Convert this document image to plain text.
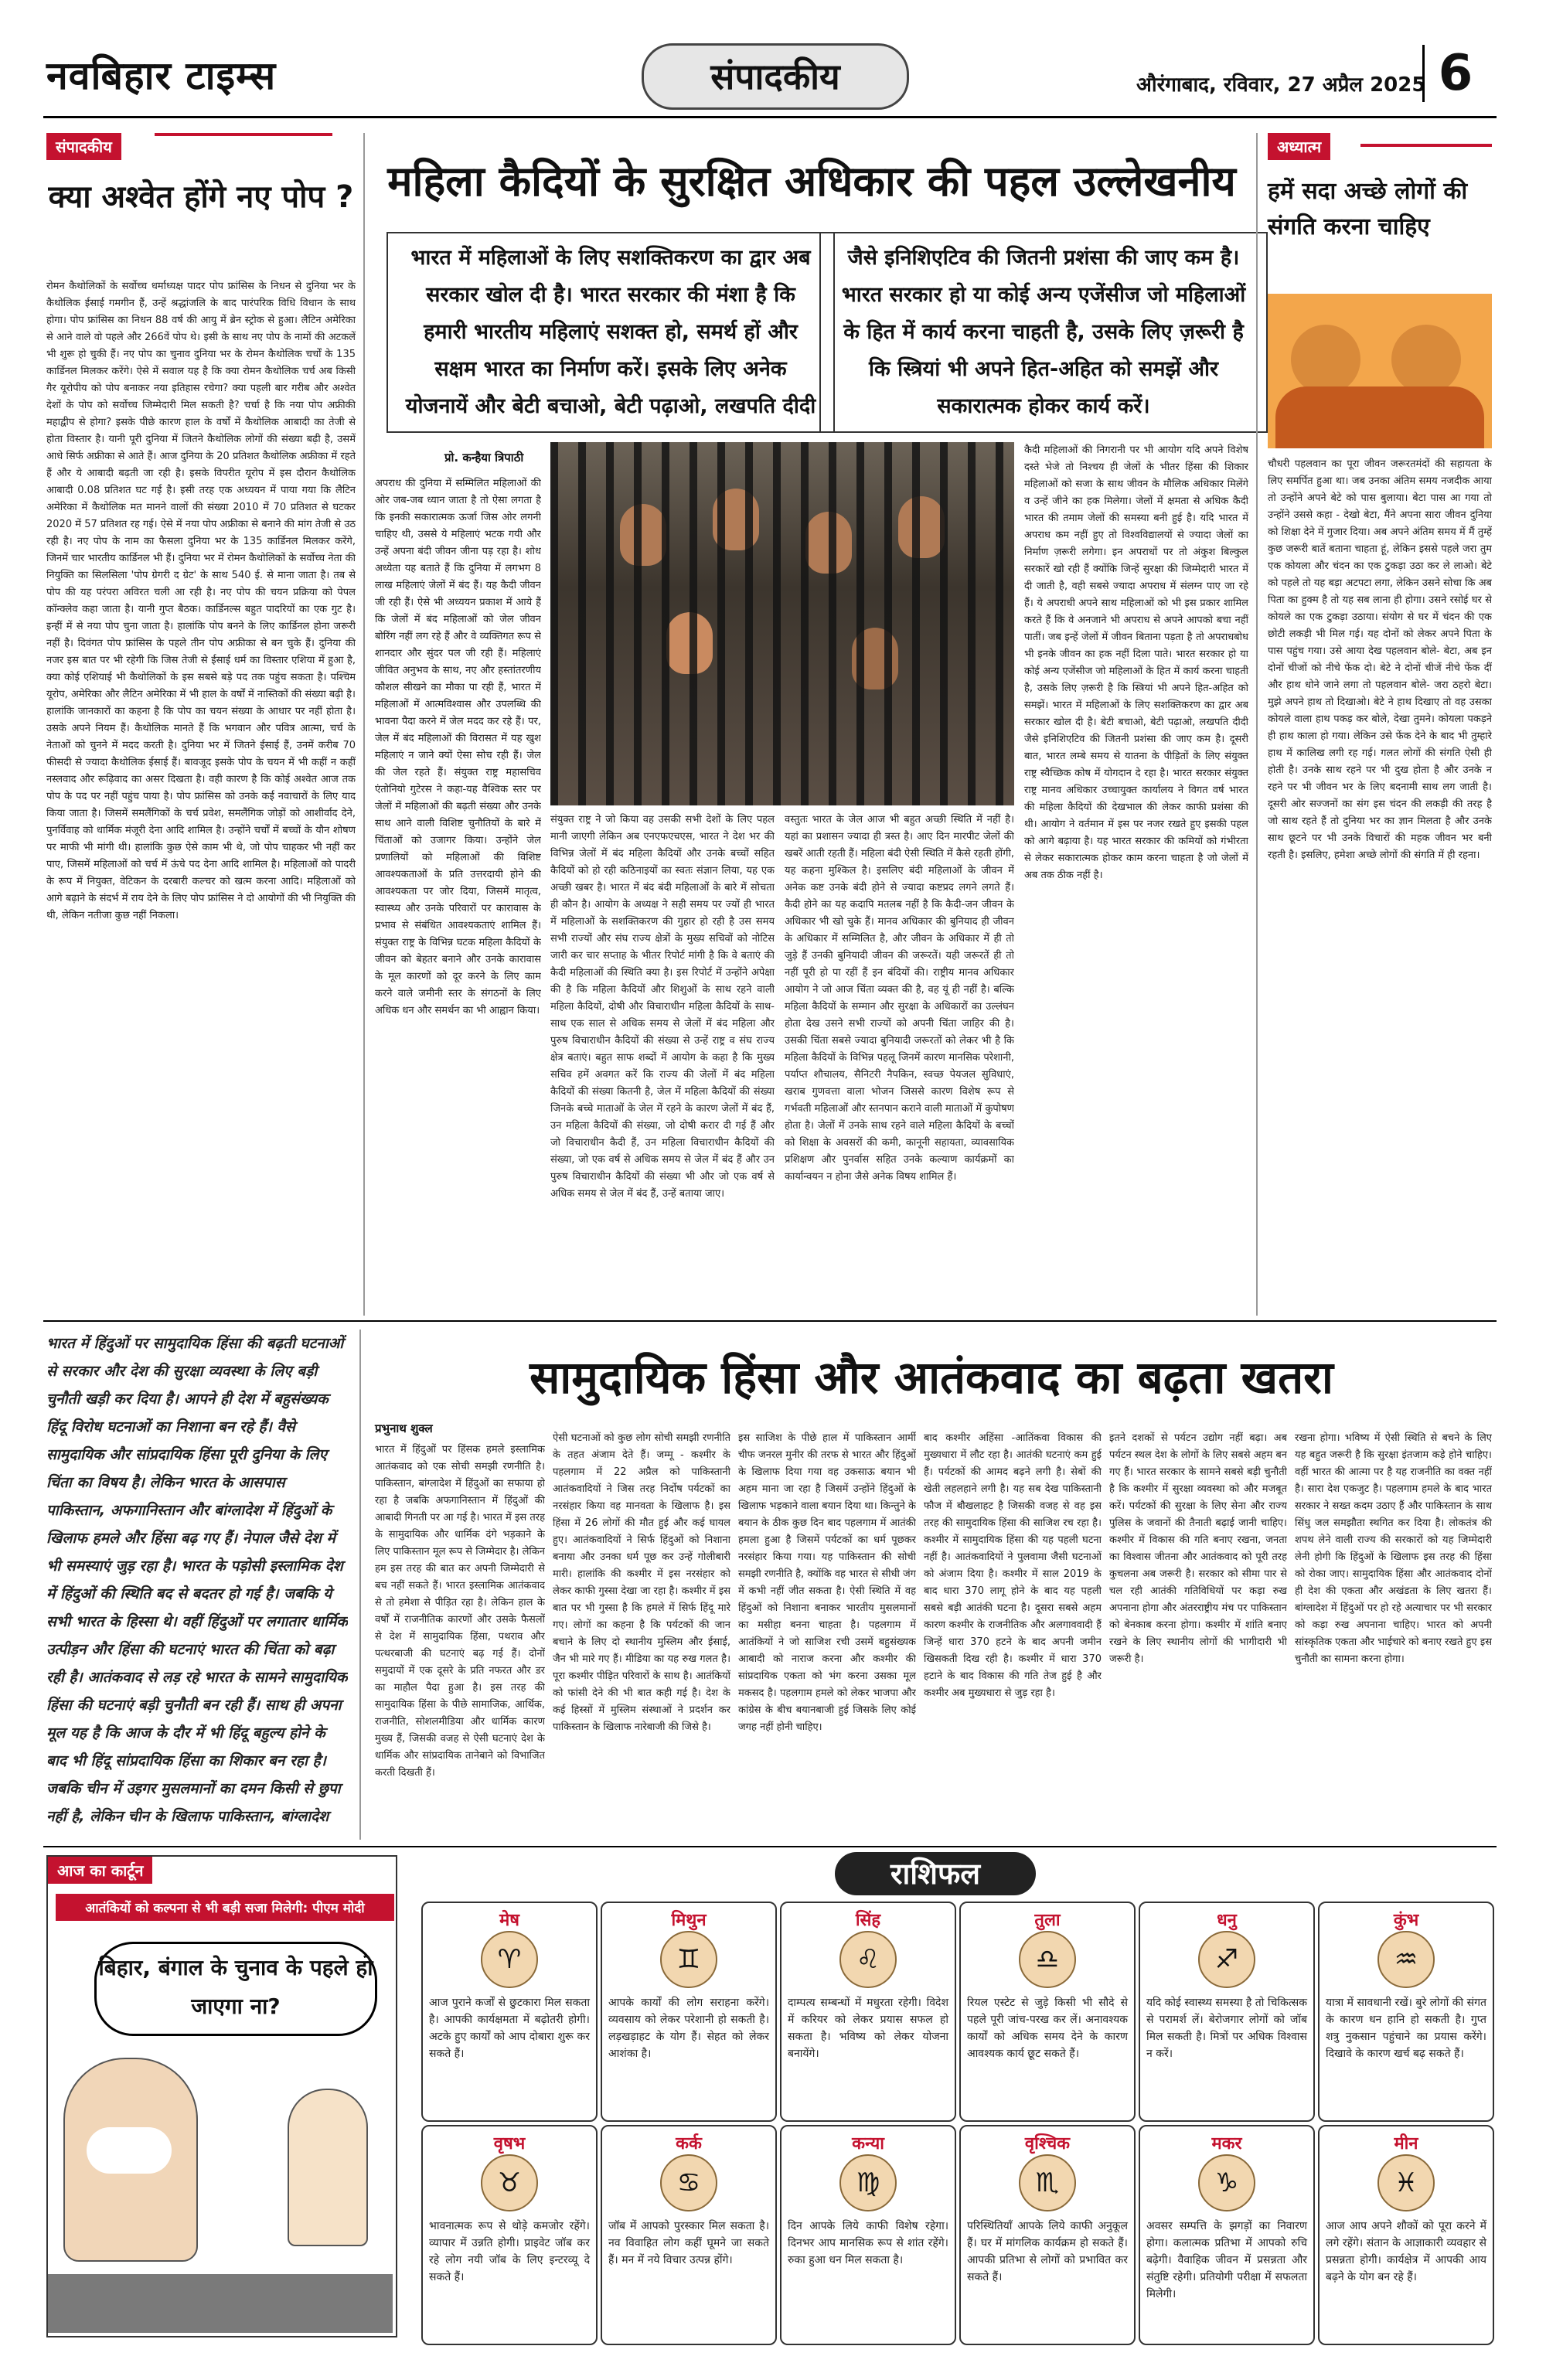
नवबिहार टाइम्स	संपादकीय	औरंगाबाद, रविवार, 27 अप्रैल 2025 6
संपादकीय
क्या अश्वेत होंगे नए पोप ?
रोमन कैथोलिकों के सर्वोच्च धर्माध्यक्ष पादर पोप फ्रांसिस के निधन से दुनिया भर के कैथोलिक ईसाई गमगीन हैं, उन्हें श्रद्धांजलि के बाद पारंपरिक विधि विधान के साथ होगा। पोप फ्रांसिस का निधन 88 वर्ष की आयु में ब्रेन स्ट्रोक से हुआ। लैटिन अमेरिका से आने वाले वो पहले और 266वें पोप थे। इसी के साथ नए पोप के नामों की अटकलें भी शुरू हो चुकी हैं। नए पोप का चुनाव दुनिया भर के रोमन कैथोलिक चर्चों के 135 कार्डिनल मिलकर करेंगे। ऐसे में सवाल यह है कि क्या रोमन कैथोलिक चर्च अब किसी गैर यूरोपीय को पोप बनाकर नया इतिहास रचेगा? क्या पहली बार गरीब और अश्वेत देशों के पोप को सर्वोच्च जिम्मेदारी मिल सकती है? चर्चा है कि नया पोप अफ्रीकी महाद्वीप से होगा? इसके पीछे कारण हाल के वर्षों में कैथोलिक आबादी का तेजी से होता विस्तार है। यानी पूरी दुनिया में जितने कैथोलिक लोगों की संख्या बढ़ी है, उसमें आधे सिर्फ अफ्रीका से आते हैं। आज दुनिया के 20 प्रतिशत कैथोलिक अफ्रीका में रहते हैं और ये आबादी बढ़ती जा रही है। इसके विपरीत यूरोप में इस दौरान कैथोलिक आबादी 0.08 प्रतिशत घट गई है। इसी तरह एक अध्ययन में पाया गया कि लैटिन अमेरिका में कैथोलिक मत मानने वालों की संख्या 2010 में 70 प्रतिशत से घटकर 2020 में 57 प्रतिशत रह गई। ऐसे में नया पोप अफ्रीका से बनाने की मांग तेजी से उठ रही है। नए पोप के नाम का फैसला दुनिया भर के 135 कार्डिनल मिलकर करेंगे, जिनमें चार भारतीय कार्डिनल भी हैं। दुनिया भर में रोमन कैथोलिकों के सर्वोच्च नेता की नियुक्ति का सिलसिला 'पोप ग्रेगरी द ग्रेट' के साथ 540 ई. से माना जाता है। तब से पोप की यह परंपरा अविरत चली आ रही है। नए पोप की चयन प्रक्रिया को पेपल कॉन्क्लेव कहा जाता है। यानी गुप्त बैठक। कार्डिनल्स बहुत पादरियों का एक गुट है। इन्हीं में से नया पोप चुना जाता है। हालांकि पोप बनने के लिए कार्डिनल होना जरूरी नहीं है। दिवंगत पोप फ्रांसिस के पहले तीन पोप अफ्रीका से बन चुके हैं। दुनिया की नजर इस बात पर भी रहेगी कि जिस तेजी से ईसाई धर्म का विस्तार एशिया में हुआ है, क्या कोई एशियाई भी कैथोलिकों के इस सबसे बड़े पद तक पहुंच सकता है। पश्चिम यूरोप, अमेरिका और लैटिन अमेरिका में भी हाल के वर्षों में नास्तिकों की संख्या बढ़ी है। हालांकि जानकारों का कहना है कि पोप का चयन संख्या के आधार पर नहीं होता है। उसके अपने नियम हैं। कैथोलिक मानते हैं कि भगवान और पवित्र आत्मा, चर्च के नेताओं को चुनने में मदद करती है। दुनिया भर में जितने ईसाई हैं, उनमें करीब 70 फीसदी से ज्यादा कैथोलिक ईसाई हैं। बावजूद इसके पोप के चयन में भी कहीं न कहीं नस्लवाद और रूढ़िवाद का असर दिखता है। वही कारण है कि कोई अश्वेत आज तक पोप के पद पर नहीं पहुंच पाया है। पोप फ्रांसिस को उनके कई नवाचारों के लिए याद किया जाता है। जिसमें समलैंगिकों के चर्च प्रवेश, समलैंगिक जोड़ों को आशीर्वाद देने, पुनर्विवाह को धार्मिक मंजूरी देना आदि शामिल है। उन्होंने चर्चों में बच्चों के यौन शोषण पर माफी भी मांगी थी। हालांकि कुछ ऐसे काम भी थे, जो पोप चाहकर भी नहीं कर पाए, जिसमें महिलाओं को चर्च में ऊंचे पद देना आदि शामिल है। महिलाओं को पादरी के रूप में नियुक्त, वेटिकन के दरबारी कल्चर को खत्म करना आदि। महिलाओं को आगे बढ़ाने के संदर्भ में राय देने के लिए पोप फ्रांसिस ने दो आयोगों की भी नियुक्ति की थी, लेकिन नतीजा कुछ नहीं निकला।
महिला कैदियों के सुरक्षित अधिकार की पहल उल्लेखनीय
भारत में महिलाओं के लिए सशक्तिकरण का द्वार अब सरकार खोल दी है। भारत सरकार की मंशा है कि हमारी भारतीय महिलाएं सशक्त हो, समर्थ हों और सक्षम भारत का निर्माण करें। इसके लिए अनेक योजनायें और बेटी बचाओ, बेटी पढ़ाओ, लखपति दीदी
जैसे इनिशिएटिव की जितनी प्रशंसा की जाए कम है। भारत सरकार हो या कोई अन्य एजेंसीज जो महिलाओं के हित में कार्य करना चाहती है, उसके लिए ज़रूरी है कि स्त्रियां भी अपने हित-अहित को समझें और सकारात्मक होकर कार्य करें।
प्रो. कन्हैया त्रिपाठी
अपराध की दुनिया में सम्मिलित महिलाओं की ओर जब-जब ध्यान जाता है तो ऐसा लगता है कि इनकी सकारात्मक ऊर्जा जिस ओर लगनी चाहिए थी, उससे ये महिलाएं भटक गयी और उन्हें अपना बंदी जीवन जीना पड़ रहा है। शोध अध्येता यह बताते हैं कि दुनिया में लगभग 8 लाख महिलाएं जेलों में बंद हैं। यह कैदी जीवन जी रही हैं। ऐसे भी अध्ययन प्रकाश में आये हैं कि जेलों में बंद महिलाओं को जेल जीवन बोरिंग नहीं लग रहे हैं और वे व्यक्तिगत रूप से शानदार और सुंदर पल जी रही हैं। महिलाएं जीवित अनुभव के साथ, नए और हस्तांतरणीय कौशल सीखने का मौका पा रही हैं, भारत में महिलाओं में आत्मविश्वास और उपलब्धि की भावना पैदा करने में जेल मदद कर रहे हैं। पर, जेल में बंद महिलाओं की विरासत में यह खुश महिलाएं न जाने क्यों ऐसा सोच रही हैं। जेल की जेल रहते हैं। संयुक्त राष्ट्र महासचिव एंतोनियो गुटेरस ने कहा-यह वैश्विक स्तर पर जेलों में महिलाओं की बढ़ती संख्या और उनके साथ आने वाली विशिष्ट चुनौतियों के बारे में चिंताओं को उजागर किया। उन्होंने जेल प्रणालियों को महिलाओं की विशिष्ट आवश्यकताओं के प्रति उत्तरदायी होने की आवश्यकता पर जोर दिया, जिसमें मातृत्व, स्वास्थ्य और उनके परिवारों पर कारावास के प्रभाव से संबंधित आवश्यकताएं शामिल हैं। संयुक्त राष्ट्र के विभिन्न घटक महिला कैदियों के जीवन को बेहतर बनाने और उनके कारावास के मूल कारणों को दूर करने के लिए काम करने वाले जमीनी स्तर के संगठनों के लिए अधिक धन और समर्थन का भी आह्वान किया।
संयुक्त राष्ट्र ने जो किया वह उसकी सभी देशों के लिए पहल मानी जाएगी लेकिन अब एनएफएचएस, भारत ने देश भर की विभिन्न जेलों में बंद महिला कैदियों और उनके बच्चों सहित कैदियों को हो रही कठिनाइयों का स्वतः संज्ञान लिया, यह एक अच्छी खबर है। भारत में बंद बंदी महिलाओं के बारे में सोचता ही कौन है। आयोग के अध्यक्ष ने सही समय पर ज्यों ही भारत में महिलाओं के सशक्तिकरण की गुहार हो रही है उस समय सभी राज्यों और संघ राज्य क्षेत्रों के मुख्य सचिवों को नोटिस जारी कर चार सप्ताह के भीतर रिपोर्ट मांगी है कि वे बताएं की कैदी महिलाओं की स्थिति क्या है। इस रिपोर्ट में उन्होंने अपेक्षा की है कि महिला कैदियों और शिशुओं के साथ रहने वाली महिला कैदियों, दोषी और विचाराधीन महिला कैदियों के साथ-साथ एक साल से अधिक समय से जेलों में बंद महिला और पुरुष विचाराधीन कैदियों की संख्या से उन्हें राष्ट्र व संघ राज्य क्षेत्र बताएं। बहुत साफ शब्दों में आयोग के कहा है कि मुख्य सचिव हमें अवगत करें कि राज्य की जेलों में बंद महिला कैदियों की संख्या कितनी है, जेल में महिला कैदियों की संख्या जिनके बच्चे माताओं के जेल में रहने के कारण जेलों में बंद हैं, उन महिला कैदियों की संख्या, जो दोषी करार दी गई हैं और जो विचाराधीन कैदी हैं, उन महिला विचाराधीन कैदियों की संख्या, जो एक वर्ष से अधिक समय से जेल में बंद हैं और उन पुरुष विचाराधीन कैदियों की संख्या भी और जो एक वर्ष से अधिक समय से जेल में बंद हैं, उन्हें बताया जाए।
वस्तुतः भारत के जेल आज भी बहुत अच्छी स्थिति में नहीं है। यहां का प्रशासन ज्यादा ही त्रस्त है। आए दिन मारपीट जेलों की खबरें आती रहती हैं। महिला बंदी ऐसी स्थिति में कैसे रहती होंगी, यह कहना मुश्किल है। इसलिए बंदी महिलाओं के जीवन में अनेक कष्ट उनके बंदी होने से ज्यादा कष्टप्रद लगने लगते हैं। कैदी होने का यह कदापि मतलब नहीं है कि कैदी-जन जीवन के अधिकार भी खो चुके हैं। मानव अधिकार की बुनियाद ही जीवन के अधिकार में सम्मिलित है, और जीवन के अधिकार में ही तो जुड़े हैं उनकी बुनियादी जीवन की जरूरतें। यही जरूरतें ही तो नहीं पूरी हो पा रहीं हैं इन बंदियों की। राष्ट्रीय मानव अधिकार आयोग ने जो आज चिंता व्यक्त की है, वह यूं ही नहीं है। बल्कि महिला कैदियों के सम्मान और सुरक्षा के अधिकारों का उल्लंघन होता देख उसने सभी राज्यों को अपनी चिंता जाहिर की है। उसकी चिंता सबसे ज्यादा बुनियादी जरूरतों को लेकर भी है कि महिला कैदियों के विभिन्न पहलू जिनमें कारण मानसिक परेशानी, पर्याप्त शौचालय, सैनिटरी नैपकिन, स्वच्छ पेयजल सुविधाएं, खराब गुणवत्ता वाला भोजन जिससे कारण विशेष रूप से गर्भवती महिलाओं और स्तनपान कराने वाली माताओं में कुपोषण होता है। जेलों में उनके साथ रहने वाले महिला कैदियों के बच्चों को शिक्षा के अवसरों की कमी, कानूनी सहायता, व्यावसायिक प्रशिक्षण और पुनर्वास सहित उनके कल्याण कार्यक्रमों का कार्यान्वयन न होना जैसे अनेक विषय शामिल हैं।
कैदी महिलाओं की निगरानी पर भी आयोग यदि अपने विशेष दस्ते भेजे तो निश्चय ही जेलों के भीतर हिंसा की शिकार महिलाओं को सजा के साथ जीवन के मौलिक अधिकार मिलेंगे व उन्हें जीने का हक मिलेगा। जेलों में क्षमता से अधिक कैदी भारत की तमाम जेलों की समस्या बनी हुई है। यदि भारत में अपराध कम नहीं हुए तो विश्वविद्यालयों से ज्यादा जेलों का निर्माण ज़रूरी लगेगा। इन अपराधों पर तो अंकुश बिल्कुल सरकारें खो रही हैं क्योंकि जिन्हें सुरक्षा की जिम्मेदारी भारत में दी जाती है, वही सबसे ज्यादा अपराध में संलग्न पाए जा रहे हैं। ये अपराधी अपने साथ महिलाओं को भी इस प्रकार शामिल करते हैं कि वे अनजाने भी अपराध से अपने आपको बचा नहीं पातीं। जब इन्हें जेलों में जीवन बिताना पड़ता है तो अपराधबोध भी इनके जीवन का हक नहीं दिला पाते। भारत सरकार हो या कोई अन्य एजेंसीज जो महिलाओं के हित में कार्य करना चाहती है, उसके लिए ज़रूरी है कि स्त्रियां भी अपने हित-अहित को समझें। भारत में महिलाओं के लिए सशक्तिकरण का द्वार अब सरकार खोल दी है। बेटी बचाओ, बेटी पढ़ाओ, लखपति दीदी जैसे इनिशिएटिव की जितनी प्रशंसा की जाए कम है। दूसरी बात, भारत लम्बे समय से यातना के पीड़ितों के लिए संयुक्त राष्ट्र स्वैच्छिक कोष में योगदान दे रहा है। भारत सरकार संयुक्त राष्ट्र मानव अधिकार उच्चायुक्त कार्यालय ने विगत वर्ष भारत की महिला कैदियों की देखभाल की लेकर काफी प्रशंसा की थी। आयोग ने वर्तमान में इस पर नजर रखते हुए इसकी पहल को आगे बढ़ाया है। यह भारत सरकार की कमियों को गंभीरता से लेकर सकारात्मक होकर काम करना चाहता है जो जेलों में अब तक ठीक नहीं है।
अध्यात्म
हमें सदा अच्छे लोगों की संगति करना चाहिए
चौधरी पहलवान का पूरा जीवन जरूरतमंदों की सहायता के लिए समर्पित हुआ था। जब उनका अंतिम समय नजदीक आया तो उन्होंने अपने बेटे को पास बुलाया। बेटा पास आ गया तो उन्होंने उससे कहा - देखो बेटा, मैंने अपना सारा जीवन दुनिया को शिक्षा देने में गुजार दिया। अब अपने अंतिम समय में मैं तुम्हें कुछ जरूरी बातें बताना चाहता हूं, लेकिन इससे पहले जरा तुम एक कोयला और चंदन का एक टुकड़ा उठा कर ले लाओ। बेटे को पहले तो यह बड़ा अटपटा लगा, लेकिन उसने सोचा कि अब पिता का हुक्म है तो यह सब लाना ही होगा। उसने रसोई घर से कोयले का एक टुकड़ा उठाया। संयोग से घर में चंदन की एक छोटी लकड़ी भी मिल गई। यह दोनों को लेकर अपने पिता के पास पहुंच गया। उसे आया देख पहलवान बोले- बेटा, अब इन दोनों चीजों को नीचे फेंक दो। बेटे ने दोनों चीजें नीचे फेंक दीं और हाथ धोने जाने लगा तो पहलवान बोले- जरा ठहरो बेटा। मुझे अपने हाथ तो दिखाओ। बेटे ने हाथ दिखाए तो वह उसका कोयले वाला हाथ पकड़ कर बोले, देखा तुमने। कोयला पकड़ने ही हाथ काला हो गया। लेकिन उसे फेंक देने के बाद भी तुम्हारे हाथ में कालिख लगी रह गई। गलत लोगों की संगति ऐसी ही होती है। उनके साथ रहने पर भी दुख होता है और उनके न रहने पर भी जीवन भर के लिए बदनामी साथ लग जाती है। दूसरी ओर सज्जनों का संग इस चंदन की लकड़ी की तरह है जो साथ रहते हैं तो दुनिया भर का ज्ञान मिलता है और उनके साथ छूटने पर भी उनके विचारों की महक जीवन भर बनी रहती है। इसलिए, हमेशा अच्छे लोगों की संगति में ही रहना।
भारत में हिंदुओं पर सामुदायिक हिंसा की बढ़ती घटनाओं से सरकार और देश की सुरक्षा व्यवस्था के लिए बड़ी चुनौती खड़ी कर दिया है। आपने ही देश में बहुसंख्यक हिंदू विरोध घटनाओं का निशाना बन रहे हैं। वैसे सामुदायिक और सांप्रदायिक हिंसा पूरी दुनिया के लिए चिंता का विषय है। लेकिन भारत के आसपास पाकिस्तान, अफगानिस्तान और बांग्लादेश में हिंदुओं के खिलाफ हमले और हिंसा बढ़ गए हैं। नेपाल जैसे देश में भी समस्याएं जुड़ रहा है। भारत के पड़ोसी इस्लामिक देश में हिंदुओं की स्थिति बद से बदतर हो गई है। जबकि ये सभी भारत के हिस्सा थे। वहीं हिंदुओं पर लगातार धार्मिक उत्पीड़न और हिंसा की घटनाएं भारत की चिंता को बढ़ा रही है। आतंकवाद से लड़ रहे भारत के सामने सामुदायिक हिंसा की घटनाएं बड़ी चुनौती बन रही हैं। साथ ही अपना मूल यह है कि आज के दौर में भी हिंदू बहुल्य होने के बाद भी हिंदू सांप्रदायिक हिंसा का शिकार बन रहा है। जबकि चीन में उइगर मुसलमानों का दमन किसी से छुपा नहीं है, लेकिन चीन के खिलाफ पाकिस्तान, बांग्लादेश
सामुदायिक हिंसा और आतंकवाद का बढ़ता खतरा
प्रभुनाथ शुक्ल
भारत में हिंदुओं पर हिंसक हमले इस्लामिक आतंकवाद को एक सोची समझी रणनीति है। पाकिस्तान, बांग्लादेश में हिंदुओं का सफाया हो रहा है जबकि अफगानिस्तान में हिंदुओं की आबादी गिनती पर आ गई है। भारत में इस तरह के सामुदायिक और धार्मिक दंगे भड़काने के लिए पाकिस्तान मूल रूप से जिम्मेदार है। लेकिन हम इस तरह की बात कर अपनी जिम्मेदारी से बच नहीं सकते हैं। भारत इस्लामिक आतंकवाद से तो हमेशा से पीड़ित रहा है। लेकिन हाल के वर्षों में राजनीतिक कारणों और उसके फैसलों से देश में सामुदायिक हिंसा, पथराव और पत्थरबाजी की घटनाएं बढ़ गई हैं। दोनों समुदायों में एक दूसरे के प्रति नफरत और डर का माहौल पैदा हुआ है। इस तरह की सामुदायिक हिंसा के पीछे सामाजिक, आर्थिक, राजनीति, सोशलमीडिया और धार्मिक कारण मुख्य हैं, जिसकी वजह से ऐसी घटनाएं देश के धार्मिक और सांप्रदायिक तानेबाने को विभाजित करती दिखती हैं।
ऐसी घटनाओं को कुछ लोग सोची समझी रणनीति के तहत अंजाम देते हैं। जम्मू - कश्मीर के पहलगाम में 22 अप्रैल को पाकिस्तानी आतंकवादियों ने जिस तरह निर्दोष पर्यटकों का नरसंहार किया वह मानवता के खिलाफ है। इस हिंसा में 26 लोगों की मौत हुई और कई घायल हुए। आतंकवादियों ने सिर्फ हिंदुओं को निशाना बनाया और उनका धर्म पूछ कर उन्हें गोलीबारी मारी। हालांकि की कश्मीर में इस नरसंहार को लेकर काफी गुस्सा देखा जा रहा है। कश्मीर में इस बात पर भी गुस्सा है कि हमले में सिर्फ हिंदू मारे गए। लोगों का कहना है कि पर्यटकों की जान बचाने के लिए दो स्थानीय मुस्लिम और ईसाई, जैन भी मारे गए हैं। मीडिया का यह रुख गलत है। पूरा कश्मीर पीड़ित परिवारों के साथ है। आतंकियों को फांसी देने की भी बात कही गई है। देश के कई हिस्सों में मुस्लिम संस्थाओं ने प्रदर्शन कर पाकिस्तान के खिलाफ नारेबाजी की जिसे है।
इस साजिश के पीछे हाल में पाकिस्तान आर्मी चीफ जनरल मुनीर की तरफ से भारत और हिंदुओं के खिलाफ दिया गया वह उकसाऊ बयान भी अहम माना जा रहा है जिसमें उन्होंने हिंदुओं के खिलाफ भड़काने वाला बयान दिया था। किन्तुने के बयान के ठीक कुछ दिन बाद पहलगाम में आतंकी हमला हुआ है जिसमें पर्यटकों का धर्म पूछकर नरसंहार किया गया। यह पाकिस्तान की सोची समझी रणनीति है, क्योंकि वह भारत से सीधी जंग में कभी नहीं जीत सकता है। ऐसी स्थिति में वह हिंदुओं को निशाना बनाकर भारतीय मुसलमानों का मसीहा बनना चाहता है। पहलगाम में आतंकियों ने जो साजिश रची उसमें बहुसंख्यक आबादी को नाराज करना और कश्मीर की सांप्रदायिक एकता को भंग करना उसका मूल मकसद है। पहलगाम हमले को लेकर भाजपा और कांग्रेस के बीच बयानबाजी हुई जिसके लिए कोई जगह नहीं होनी चाहिए।
बाद कश्मीर अहिंसा -आतिंकवा विकास की मुख्यधारा में लौट रहा है। आतंकी घटनाएं कम हुई हैं। पर्यटकों की आमद बढ़ने लगी है। सेबों की खेती लहलहाने लगी है। यह सब देख पाकिस्तानी फौज में बौखलाहट है जिसकी वजह से वह इस तरह की सामुदायिक हिंसा की साजिश रच रहा है। कश्मीर में सामुदायिक हिंसा की यह पहली घटना नहीं है। आतंकवादियों ने पुलवामा जैसी घटनाओं को अंजाम दिया है। कश्मीर में साल 2019 के बाद धारा 370 लागू होने के बाद यह पहली सबसे बड़ी आतंकी घटना है। दूसरा सबसे अहम कारण कश्मीर के राजनीतिक और अलगाववादी हैं जिन्हें धारा 370 हटने के बाद अपनी जमीन खिसकती दिख रही है। कश्मीर में धारा 370 हटाने के बाद विकास की गति तेज हुई है और कश्मीर अब मुख्यधारा से जुड़ रहा है।
इतने दशकों से पर्यटन उद्योग नहीं बढ़ा। अब पर्यटन स्थल देश के लोगों के लिए सबसे अहम बन गए हैं। भारत सरकार के सामने सबसे बड़ी चुनौती है कि कश्मीर में सुरक्षा व्यवस्था को और मजबूत करें। पर्यटकों की सुरक्षा के लिए सेना और राज्य पुलिस के जवानों की तैनाती बढ़ाई जानी चाहिए। कश्मीर में विकास की गति बनाए रखना, जनता का विश्वास जीतना और आतंकवाद को पूरी तरह कुचलना अब जरूरी है। सरकार को सीमा पार से चल रही आतंकी गतिविधियों पर कड़ा रुख अपनाना होगा और अंतरराष्ट्रीय मंच पर पाकिस्तान को बेनकाब करना होगा। कश्मीर में शांति बनाए रखने के लिए स्थानीय लोगों की भागीदारी भी जरूरी है।
रखना होगा। भविष्य में ऐसी स्थिति से बचने के लिए यह बहुत जरूरी है कि सुरक्षा इंतजाम कड़े होने चाहिए। वहीं भारत की आत्मा पर है यह राजनीति का वक्त नहीं है। सारा देश एकजुट है। पहलगाम हमले के बाद भारत सरकार ने सख्त कदम उठाए हैं और पाकिस्तान के साथ सिंधु जल समझौता स्थगित कर दिया है। लोकतंत्र की शपथ लेने वाली राज्य की सरकारों को यह जिम्मेदारी लेनी होगी कि हिंदुओं के खिलाफ इस तरह की हिंसा को रोका जाए। सामुदायिक हिंसा और आतंकवाद दोनों ही देश की एकता और अखंडता के लिए खतरा हैं। बांग्लादेश में हिंदुओं पर हो रहे अत्याचार पर भी सरकार को कड़ा रुख अपनाना चाहिए। भारत को अपनी सांस्कृतिक एकता और भाईचारे को बनाए रखते हुए इस चुनौती का सामना करना होगा।
आज का कार्टून
आतंकियों को कल्पना से भी बड़ी सजा मिलेगी: पीएम मोदी
बिहार, बंगाल के चुनाव के पहले हो जाएगा ना?
राशिफल
मेष
♈
आज पुराने कर्जों से छुटकारा मिल सकता है। आपकी कार्यक्षमता में बढ़ोतरी होगी। अटके हुए कार्यों को आप दोबारा शुरू कर सकते हैं।
मिथुन
♊
आपके कार्यों की लोग सराहना करेंगे। व्यवसाय को लेकर परेशानी हो सकती है। लड़खड़ाहट के योग हैं। सेहत को लेकर आशंका है।
सिंह
♌
दाम्पत्य सम्बन्धों में मधुरता रहेगी। विदेश में करियर को लेकर प्रयास सफल हो सकता है। भविष्य को लेकर योजना बनायेंगे।
तुला
♎
रियल एस्टेट से जुड़े किसी भी सौदे से पहले पूरी जांच-परख कर लें। अनावश्यक कार्यों को अधिक समय देने के कारण आवश्यक कार्य छूट सकते हैं।
धनु
♐
यदि कोई स्वास्थ्य समस्या है तो चिकित्सक से परामर्श लें। बेरोजगार लोगों को जॉब मिल सकती है। मित्रों पर अधिक विश्वास न करें।
कुंभ
♒
यात्रा में सावधानी रखें। बुरे लोगों की संगत के कारण धन हानि हो सकती है। गुप्त शत्रु नुकसान पहुंचाने का प्रयास करेंगे। दिखावे के कारण खर्च बढ़ सकते हैं।
वृषभ
♉
भावनात्मक रूप से थोड़े कमजोर रहेंगे। व्यापार में उन्नति होगी। प्राइवेट जॉब कर रहे लोग नयी जॉब के लिए इन्टरव्यू दे सकते हैं।
कर्क
♋
जॉब में आपको पुरस्कार मिल सकता है। नव विवाहित लोग कहीं घूमने जा सकते हैं। मन में नये विचार उत्पन्न होंगे।
कन्या
♍
दिन आपके लिये काफी विशेष रहेगा। दिनभर आप मानसिक रूप से शांत रहेंगे। रुका हुआ धन मिल सकता है।
वृश्चिक
♏
परिस्थितियाँ आपके लिये काफी अनुकूल हैं। घर में मांगलिक कार्यक्रम हो सकते हैं। आपकी प्रतिभा से लोगों को प्रभावित कर सकते हैं।
मकर
♑
अवसर सम्पत्ति के झगड़ों का निवारण होगा। कलात्मक प्रतिभा में आपको रुचि बढ़ेगी। वैवाहिक जीवन में प्रसन्नता और संतुष्टि रहेगी। प्रतियोगी परीक्षा में सफलता मिलेगी।
मीन
♓
आज आप अपने शौकों को पूरा करने में लगे रहेंगे। संतान के आज्ञाकारी व्यवहार से प्रसन्नता होगी। कार्यक्षेत्र में आपकी आय बढ़ने के योग बन रहे हैं।
